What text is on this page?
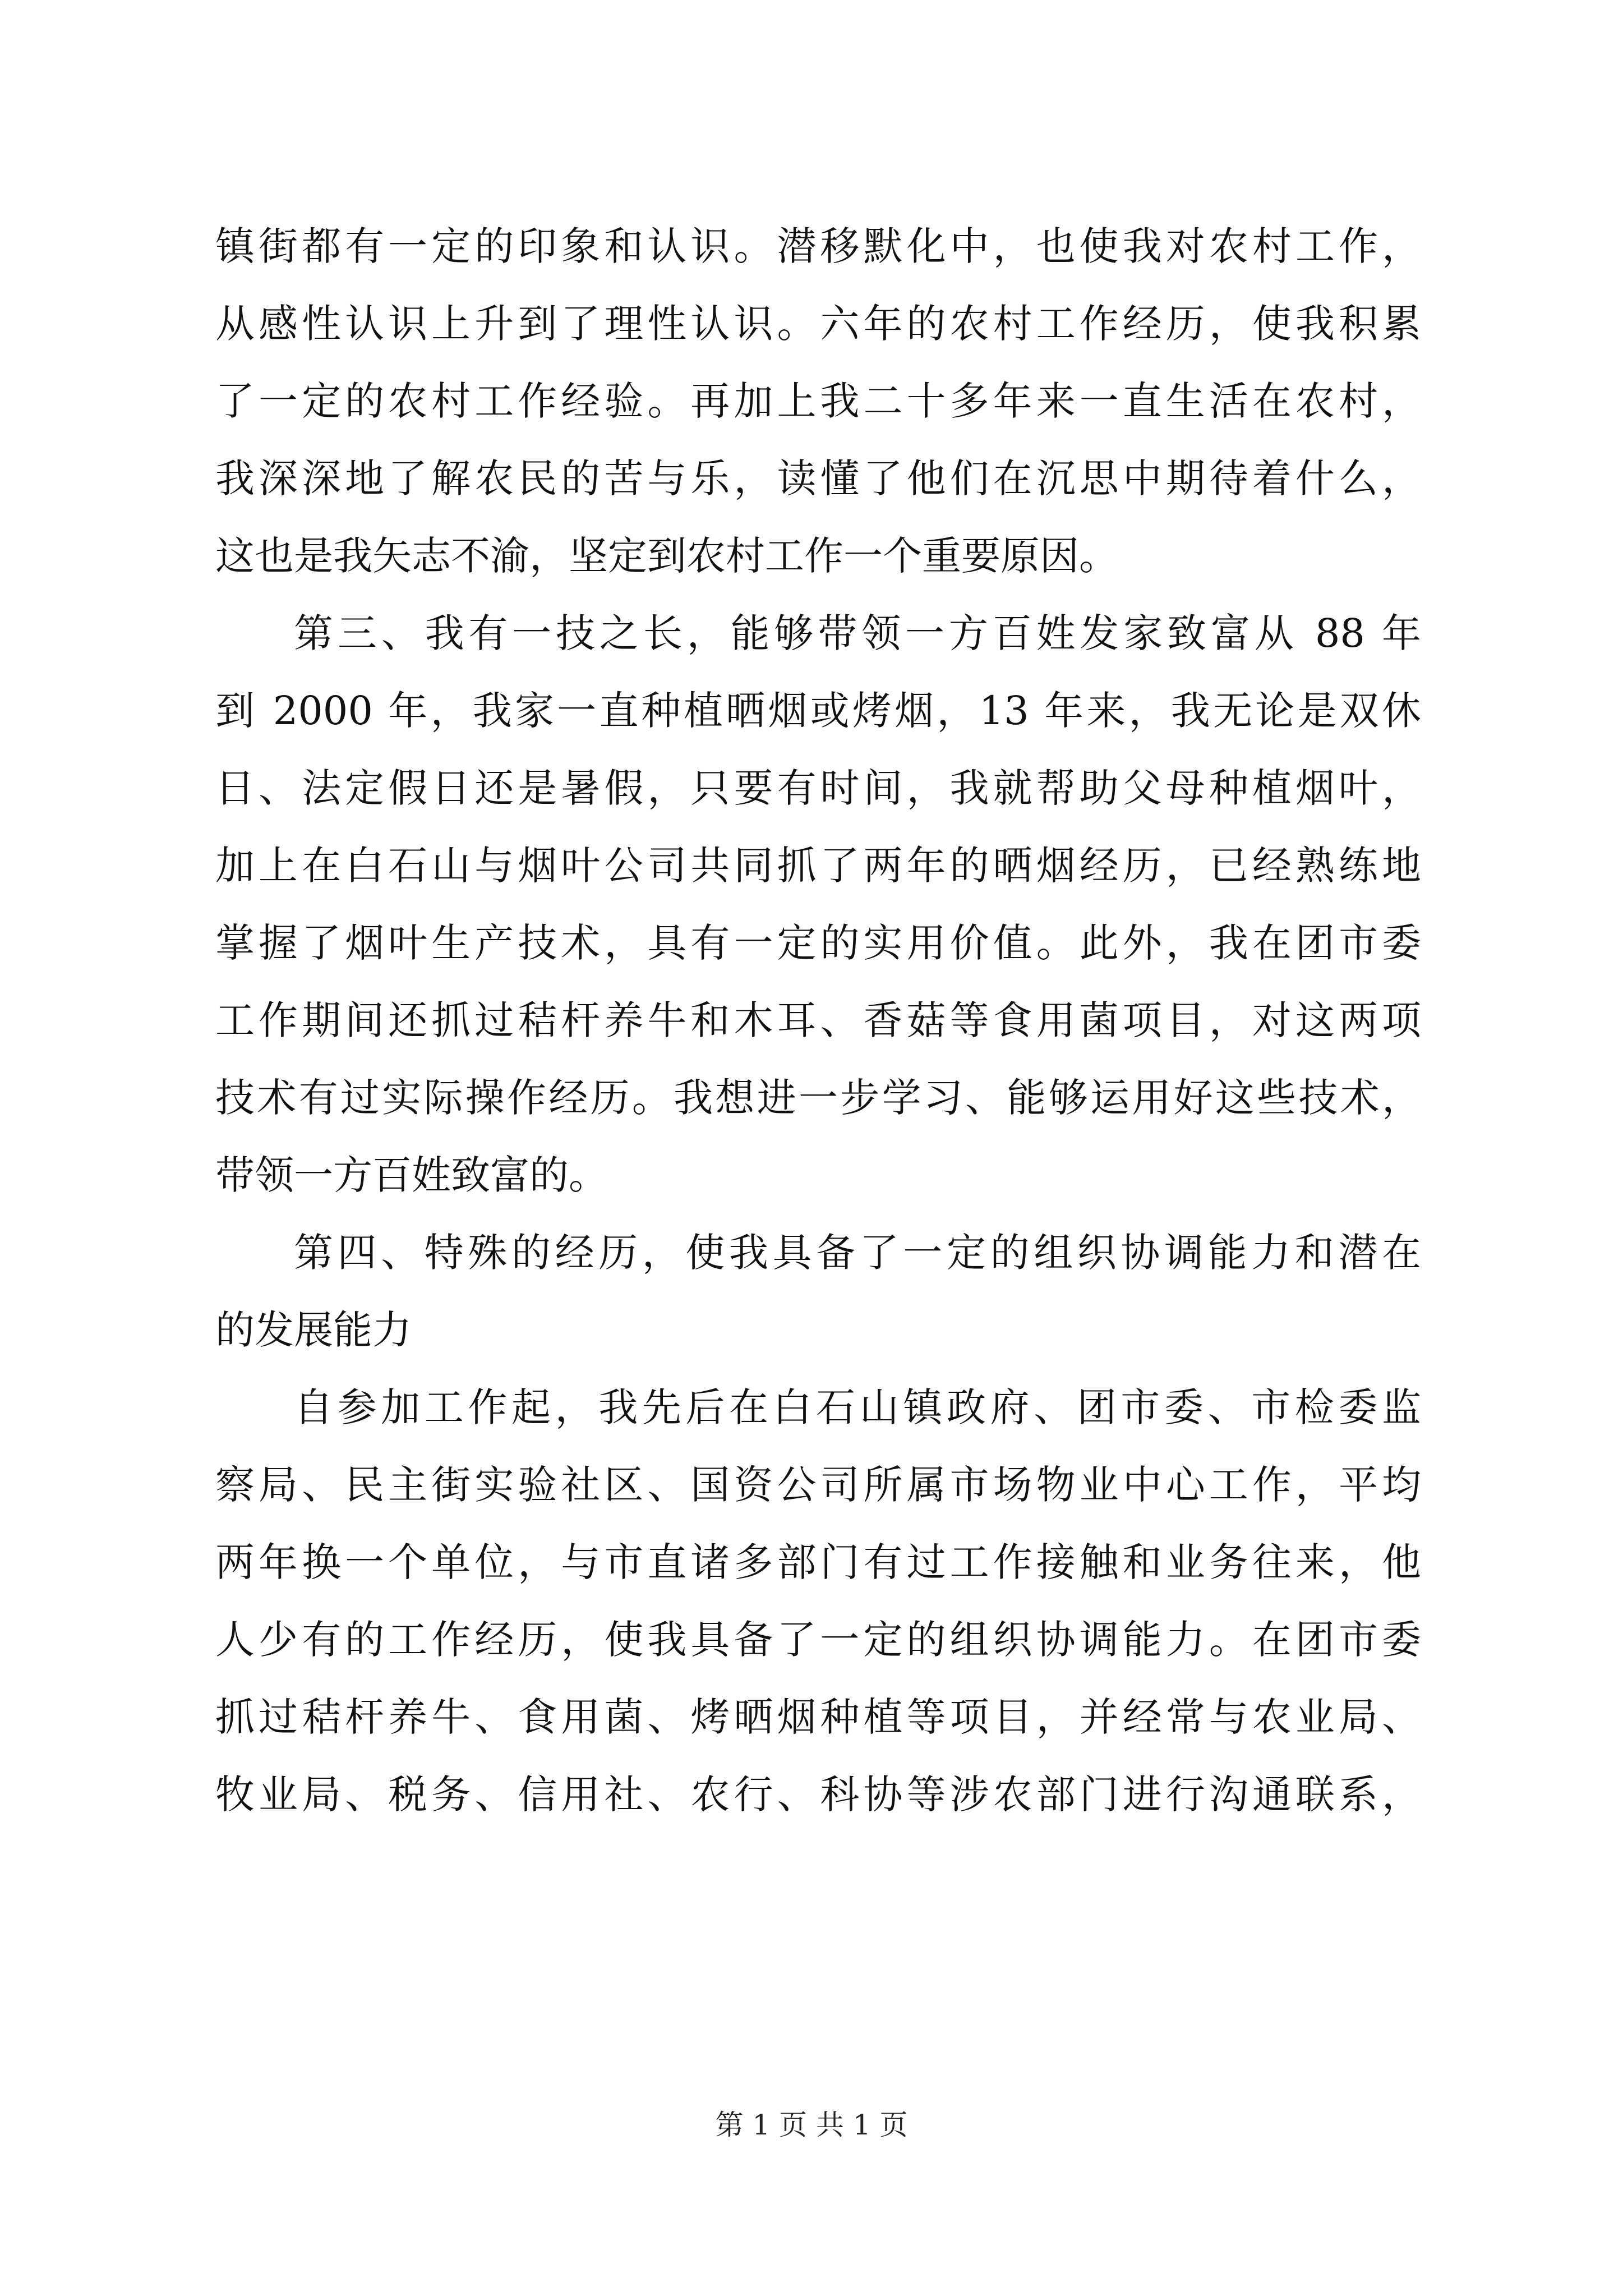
镇街都有一定的印象和认识。潜移默化中，也使我对农村工作，
从感性认识上升到了理性认识。六年的农村工作经历，使我积累
了一定的农村工作经验。再加上我二十多年来一直生活在农村，
我深深地了解农民的苦与乐，读懂了他们在沉思中期待着什么，
这也是我矢志不渝，坚定到农村工作一个重要原因。
第三、我有一技之长，能够带领一方百姓发家致富从 88 年
到 2000 年，我家一直种植晒烟或烤烟，13 年来，我无论是双休
日、法定假日还是暑假，只要有时间，我就帮助父母种植烟叶，
加上在白石山与烟叶公司共同抓了两年的晒烟经历，已经熟练地
掌握了烟叶生产技术，具有一定的实用价值。此外，我在团市委
工作期间还抓过秸杆养牛和木耳、香菇等食用菌项目，对这两项
技术有过实际操作经历。我想进一步学习、能够运用好这些技术，
带领一方百姓致富的。
第四、特殊的经历，使我具备了一定的组织协调能力和潜在
的发展能力
自参加工作起，我先后在白石山镇政府、团市委、市检委监
察局、民主街实验社区、国资公司所属市场物业中心工作，平均
两年换一个单位，与市直诸多部门有过工作接触和业务往来，他
人少有的工作经历，使我具备了一定的组织协调能力。在团市委
抓过秸杆养牛、食用菌、烤晒烟种植等项目，并经常与农业局、
牧业局、税务、信用社、农行、科协等涉农部门进行沟通联系，
第 1 页 共 1 页
